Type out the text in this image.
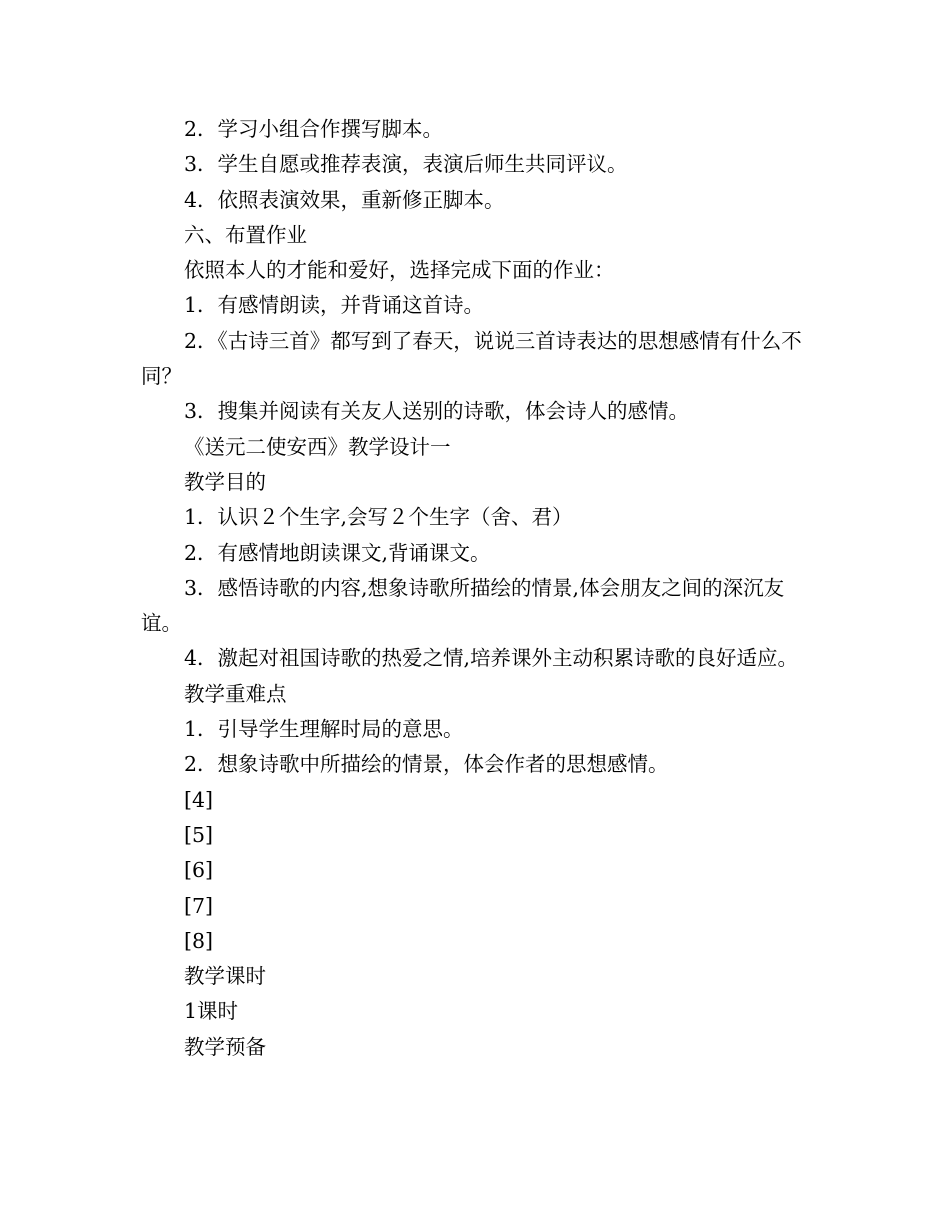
2．学习小组合作撰写脚本。

3．学生自愿或推荐表演，表演后师生共同评议。

4．依照表演效果，重新修正脚本。

六、布置作业

依照本人的才能和爱好，选择完成下面的作业：

1．有感情朗读，并背诵这首诗。

2．《古诗三首》都写到了春天，说说三首诗表达的思想感情有什么不同？

3．搜集并阅读有关友人送别的诗歌，体会诗人的感情。

《送元二使安西》教学设计一

教学目的

1．认识２个生字,会写２个生字（舍、君）

2．有感情地朗读课文,背诵课文。

3．感悟诗歌的内容,想象诗歌所描绘的情景,体会朋友之间的深沉友谊。

4．激起对祖国诗歌的热爱之情,培养课外主动积累诗歌的良好适应。

教学重难点

1．引导学生理解时局的意思。

2．想象诗歌中所描绘的情景，体会作者的思想感情。

[4]

[5]

[6]

[7]

[8]

教学课时

1课时

教学预备
